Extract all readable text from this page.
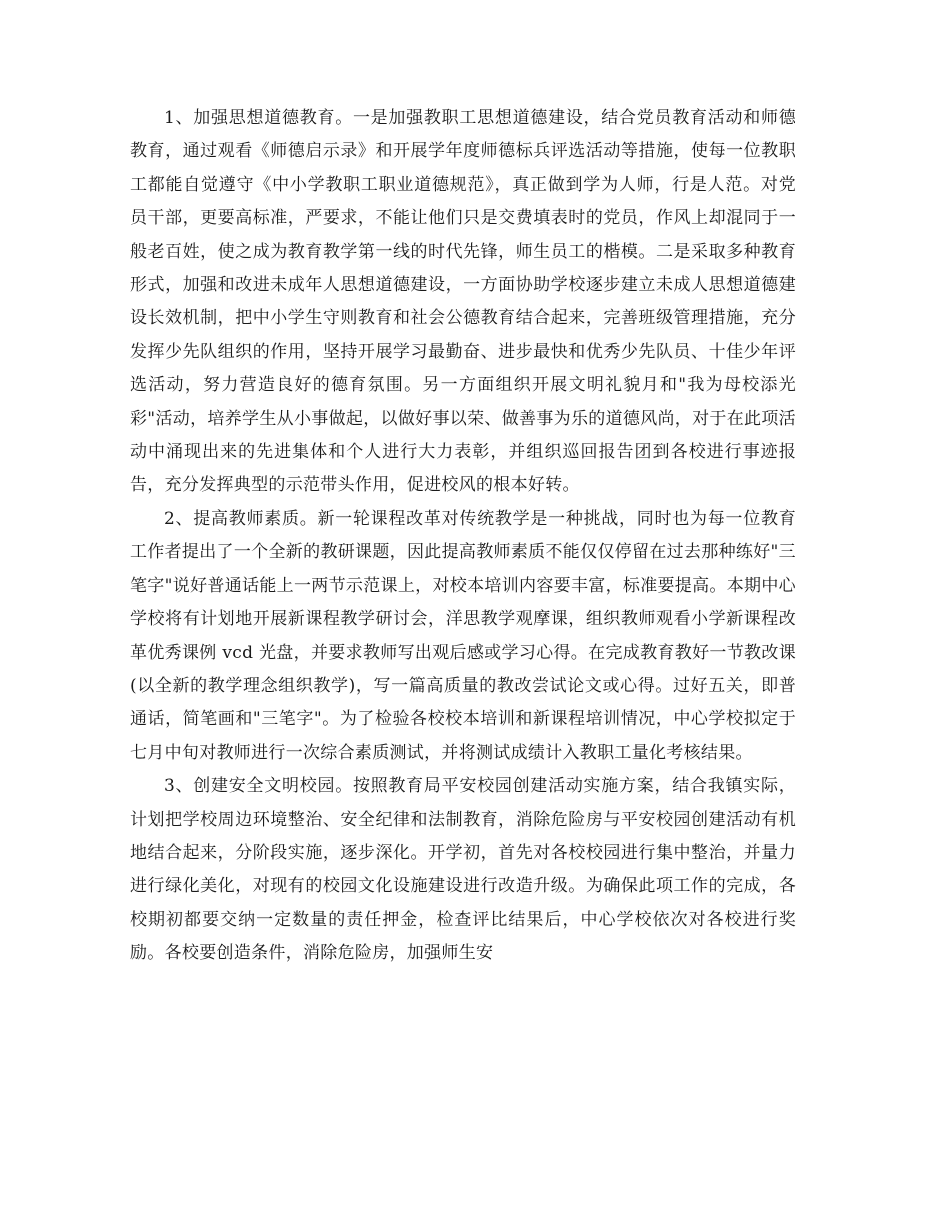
1、加强思想道德教育。一是加强教职工思想道德建设，结合党员教育活动和师德教育，通过观看《师德启示录》和开展学年度师德标兵评选活动等措施，使每一位教职工都能自觉遵守《中小学教职工职业道德规范》，真正做到学为人师，行是人范。对党员干部，更要高标准，严要求，不能让他们只是交费填表时的党员，作风上却混同于一般老百姓，使之成为教育教学第一线的时代先锋，师生员工的楷模。二是采取多种教育形式，加强和改进未成年人思想道德建设，一方面协助学校逐步建立未成人思想道德建设长效机制，把中小学生守则教育和社会公德教育结合起来，完善班级管理措施，充分发挥少先队组织的作用，坚持开展学习最勤奋、进步最快和优秀少先队员、十佳少年评选活动，努力营造良好的德育氛围。另一方面组织开展文明礼貌月和"我为母校添光彩"活动，培养学生从小事做起，以做好事以荣、做善事为乐的道德风尚，对于在此项活动中涌现出来的先进集体和个人进行大力表彰，并组织巡回报告团到各校进行事迹报告，充分发挥典型的示范带头作用，促进校风的根本好转。

2、提高教师素质。新一轮课程改革对传统教学是一种挑战，同时也为每一位教育工作者提出了一个全新的教研课题，因此提高教师素质不能仅仅停留在过去那种练好"三笔字"说好普通话能上一两节示范课上，对校本培训内容要丰富，标准要提高。本期中心学校将有计划地开展新课程教学研讨会，洋思教学观摩课，组织教师观看小学新课程改革优秀课例 vcd 光盘，并要求教师写出观后感或学习心得。在完成教育教好一节教改课(以全新的教学理念组织教学)，写一篇高质量的教改尝试论文或心得。过好五关，即普通话，简笔画和"三笔字"。为了检验各校校本培训和新课程培训情况，中心学校拟定于七月中旬对教师进行一次综合素质测试，并将测试成绩计入教职工量化考核结果。

3、创建安全文明校园。按照教育局平安校园创建活动实施方案，结合我镇实际，计划把学校周边环境整治、安全纪律和法制教育，消除危险房与平安校园创建活动有机地结合起来，分阶段实施，逐步深化。开学初，首先对各校校园进行集中整治，并量力进行绿化美化，对现有的校园文化设施建设进行改造升级。为确保此项工作的完成，各校期初都要交纳一定数量的责任押金，检查评比结果后，中心学校依次对各校进行奖励。各校要创造条件，消除危险房，加强师生安
